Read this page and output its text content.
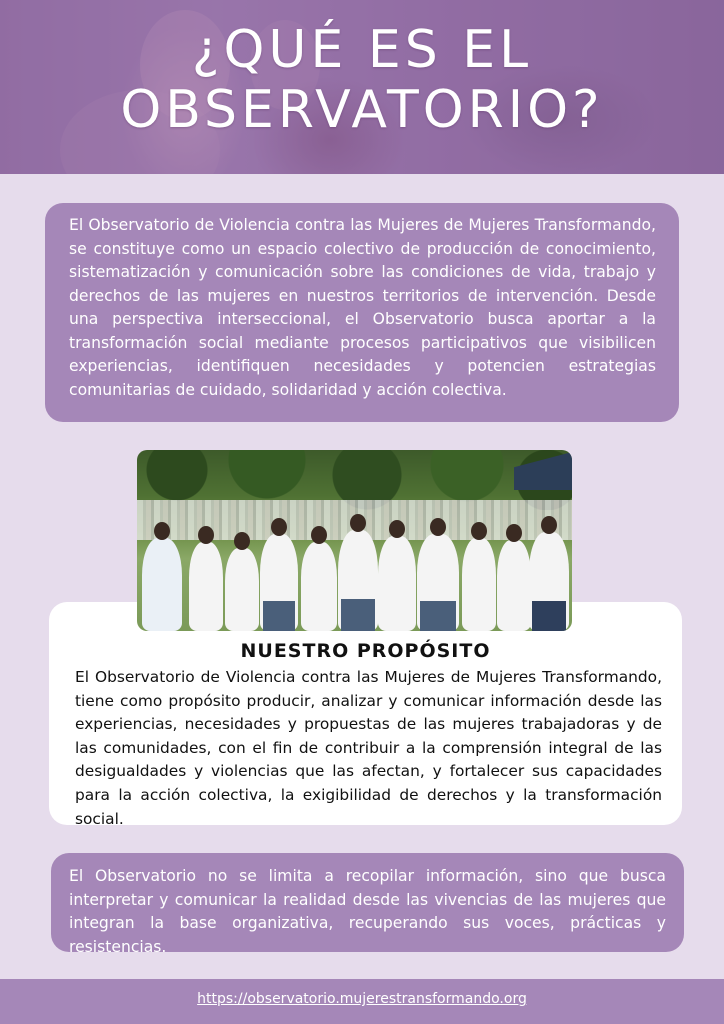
¿QUÉ ES EL
OBSERVATORIO?

El Observatorio de Violencia contra las Mujeres de Mujeres Transformando, se constituye como un espacio colectivo de producción de conocimiento, sistematización y comunicación sobre las condiciones de vida, trabajo y derechos de las mujeres en nuestros territorios de intervención. Desde una perspectiva interseccional, el Observatorio busca aportar a la transformación social mediante procesos participativos que visibilicen experiencias, identifiquen necesidades y potencien estrategias comunitarias de cuidado, solidaridad y acción colectiva.

NUESTRO PROPÓSITO

El Observatorio de Violencia contra las Mujeres de Mujeres Transformando, tiene como propósito producir, analizar y comunicar información desde las experiencias, necesidades y propuestas de las mujeres trabajadoras y de las comunidades, con el fin de contribuir a la comprensión integral de las desigualdades y violencias que las afectan, y fortalecer sus capacidades para la acción colectiva, la exigibilidad de derechos y la transformación social.

El Observatorio no se limita a recopilar información, sino que busca interpretar y comunicar la realidad desde las vivencias de las mujeres que integran la base organizativa, recuperando sus voces, prácticas y resistencias.

https://observatorio.mujerestransformando.org
